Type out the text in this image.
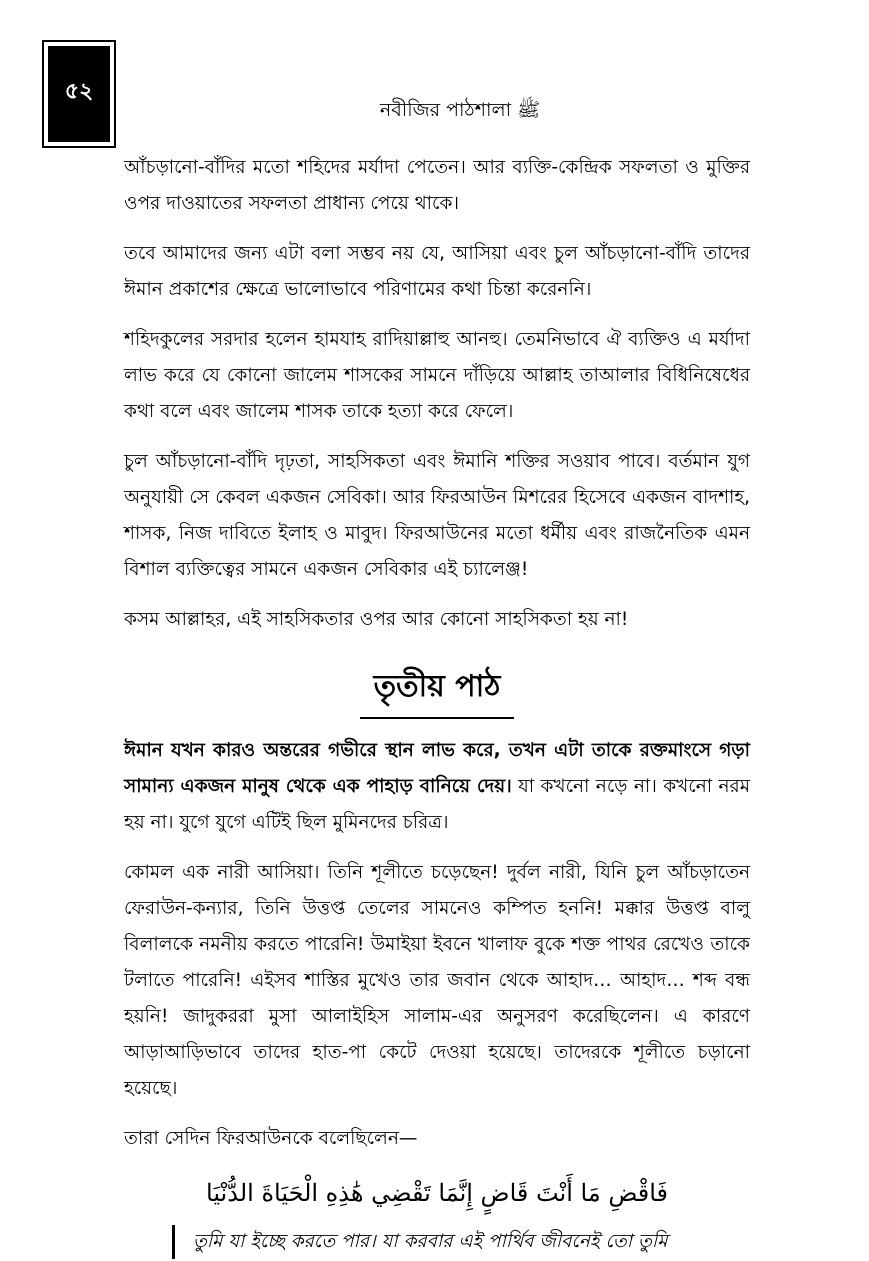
৫২
নবীজির পাঠশালা ﷺ

আঁচড়ানো-বাঁদির মতো শহিদের মর্যাদা পেতেন। আর ব্যক্তি-কেন্দ্রিক সফলতা ও মুক্তির ওপর দাওয়াতের সফলতা প্রাধান্য পেয়ে থাকে।

তবে আমাদের জন্য এটা বলা সম্ভব নয় যে, আসিয়া এবং চুল আঁচড়ানো-বাঁদি তাদের ঈমান প্রকাশের ক্ষেত্রে ভালোভাবে পরিণামের কথা চিন্তা করেননি।

শহিদকুলের সরদার হলেন হামযাহ রাদিয়াল্লাহু আনহু। তেমনিভাবে ঐ ব্যক্তিও এ মর্যাদা লাভ করে যে কোনো জালেম শাসকের সামনে দাঁড়িয়ে আল্লাহ তাআলার বিধিনিষেধের কথা বলে এবং জালেম শাসক তাকে হত্যা করে ফেলে।

চুল আঁচড়ানো-বাঁদি দৃঢ়তা, সাহসিকতা এবং ঈমানি শক্তির সওয়াব পাবে। বর্তমান যুগ অনুযায়ী সে কেবল একজন সেবিকা। আর ফিরআউন মিশরের হিসেবে একজন বাদশাহ, শাসক, নিজ দাবিতে ইলাহ ও মাবুদ। ফিরআউনের মতো ধর্মীয় এবং রাজনৈতিক এমন বিশাল ব্যক্তিত্বের সামনে একজন সেবিকার এই চ্যালেঞ্জ!

কসম আল্লাহর, এই সাহসিকতার ওপর আর কোনো সাহসিকতা হয় না!

তৃতীয় পাঠ

ঈমান যখন কারও অন্তরের গভীরে স্থান লাভ করে, তখন এটা তাকে রক্তমাংসে গড়া সামান্য একজন মানুষ থেকে এক পাহাড় বানিয়ে দেয়। যা কখনো নড়ে না। কখনো নরম হয় না। যুগে যুগে এটিই ছিল মুমিনদের চরিত্র।

কোমল এক নারী আসিয়া। তিনি শূলীতে চড়েছেন! দুর্বল নারী, যিনি চুল আঁচড়াতেন ফেরাউন-কন্যার, তিনি উত্তপ্ত তেলের সামনেও কম্পিত হননি! মক্কার উত্তপ্ত বালু বিলালকে নমনীয় করতে পারেনি! উমাইয়া ইবনে খালাফ বুকে শক্ত পাথর রেখেও তাকে টলাতে পারেনি! এইসব শাস্তির মুখেও তার জবান থেকে আহাদ… আহাদ… শব্দ বন্ধ হয়নি! জাদুকররা মুসা আলাইহিস সালাম-এর অনুসরণ করেছিলেন। এ কারণে আড়াআড়িভাবে তাদের হাত-পা কেটে দেওয়া হয়েছে। তাদেরকে শূলীতে চড়ানো হয়েছে।

তারা সেদিন ফিরআউনকে বলেছিলেন—

فَاقْضِ مَا أَنْتَ قَاضٍ إِنَّمَا تَقْضِي هَٰذِهِ الْحَيَاةَ الدُّنْيَا
তুমি যা ইচ্ছে করতে পার। যা করবার এই পার্থিব জীবনেই তো তুমি
